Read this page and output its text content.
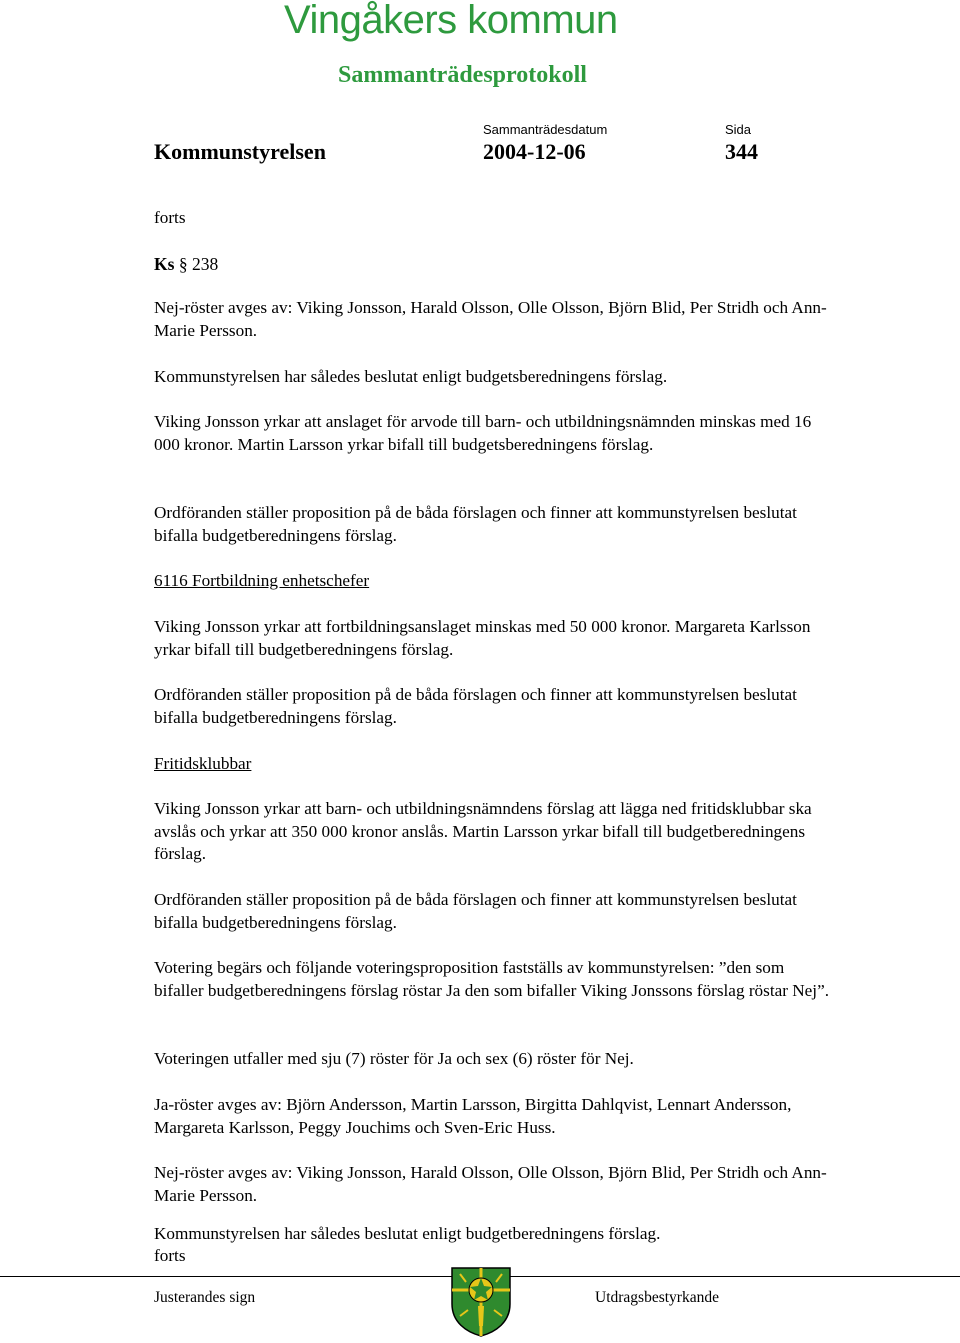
Vingåkers kommun
Sammanträdesprotokoll
Sammanträdesdatum	Sida
Kommunstyrelsen	2004-12-06	344
forts
Ks § 238
Nej-röster avges av: Viking Jonsson, Harald Olsson, Olle Olsson, Björn Blid, Per Stridh och Ann-Marie Persson.
Kommunstyrelsen har således beslutat enligt budgetsberedningens förslag.
Viking Jonsson yrkar att anslaget för arvode till barn- och utbildningsnämnden minskas med 16 000 kronor. Martin Larsson yrkar bifall till budgetsberedningens förslag.
Ordföranden ställer proposition på de båda förslagen och finner att kommunstyrelsen beslutat bifalla budgetberedningens förslag.
6116 Fortbildning enhetschefer
Viking Jonsson yrkar att fortbildningsanslaget minskas med 50 000 kronor. Margareta Karlsson yrkar bifall till budgetberedningens förslag.
Ordföranden ställer proposition på de båda förslagen och finner att kommunstyrelsen beslutat bifalla budgetberedningens förslag.
Fritidsklubbar
Viking Jonsson yrkar att barn- och utbildningsnämndens förslag att lägga ned fritidsklubbar ska avslås och yrkar att 350 000 kronor anslås. Martin Larsson yrkar bifall till budgetberedningens förslag.
Ordföranden ställer proposition på de båda förslagen och finner att kommunstyrelsen beslutat bifalla budgetberedningens förslag.
Votering begärs och följande voteringsproposition fastställs av kommunstyrelsen: ”den som bifaller budgetberedningens förslag röstar Ja den som bifaller Viking Jonssons förslag röstar Nej”.
Voteringen utfaller med sju (7) röster för Ja och sex (6) röster för Nej.
Ja-röster avges av: Björn Andersson, Martin Larsson, Birgitta Dahlqvist, Lennart Andersson, Margareta Karlsson, Peggy Jouchims och Sven-Eric Huss.
Nej-röster avges av: Viking Jonsson, Harald Olsson, Olle Olsson, Björn Blid, Per Stridh och Ann-Marie Persson.
Kommunstyrelsen har således beslutat enligt budgetberedningens förslag.
forts
Justerandes sign	Utdragsbestyrkande
